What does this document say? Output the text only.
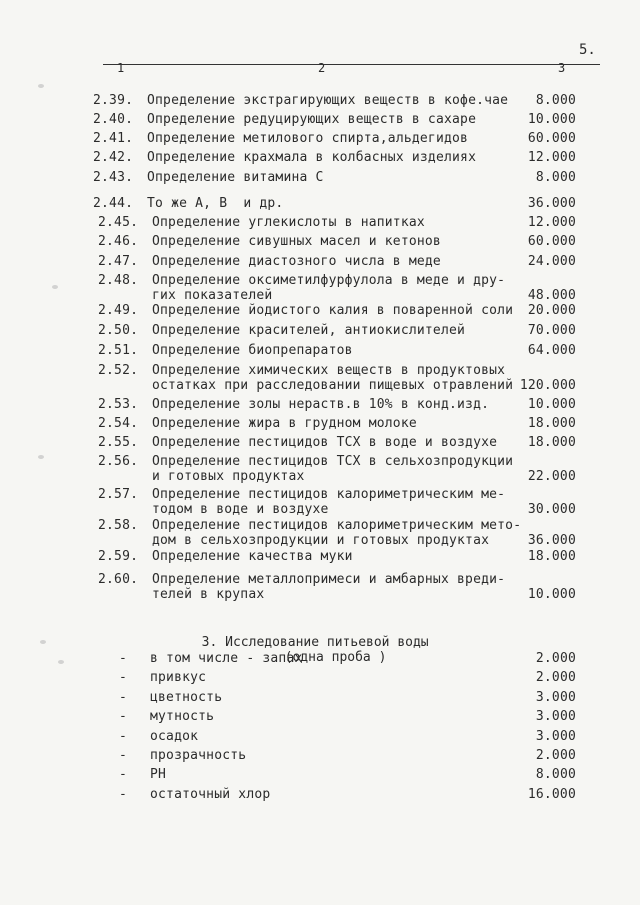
5.
1	2	3
2.39. Определение экстрагирующих веществ в кофе.чае 8.000
2.40. Определение редуцирующих веществ в сахаре	10.000
2.41. Определение метилового спирта,альдегидов	60.000
2.42. Определение крахмала в колбасных изделиях	12.000
2.43. Определение витамина С	8.000
2.44. То же А, В  и др.	36.000
2.45. Определение углекислоты в напитках	12.000
2.46. Определение сивушных масел и кетонов	60.000
2.47. Определение диастозного числа в меде	24.000
2.48. Определение оксиметилфурфулола в меде и дру-
гих показателей	48.000
2.49. Определение йодистого калия в поваренной соли 20.000
2.50. Определение красителей, антиокислителей	70.000
2.51. Определение биопрепаратов	64.000
2.52. Определение химических веществ в продуктовых
остатках при расследовании пищевых отравлений 120.000
2.53. Определение золы нераств.в 10% в конд.изд.	10.000
2.54. Определение жира в грудном молоке	18.000
2.55. Определение пестицидов ТСХ в воде и воздухе 18.000
2.56. Определение пестицидов ТСХ в сельхозпродукции
и готовых продуктах	22.000
2.57. Определение пестицидов калориметрическим ме-
тодом в воде и воздухе	30.000
2.58. Определение пестицидов калориметрическим мето-
дом в сельхозпродукции и готовых продуктах	36.000
2.59. Определение качества муки	18.000
2.60. Определение металлопримеси и амбарных вреди-
телей в крупах	10.000

3. Исследование питьевой воды

(одна проба )

- в том числе - запах	2.000
- привкус	2.000
- цветность	3.000
- мутность	3.000
- осадок	3.000
- прозрачность	2.000
- PH	8.000
- остаточный хлор	16.000
